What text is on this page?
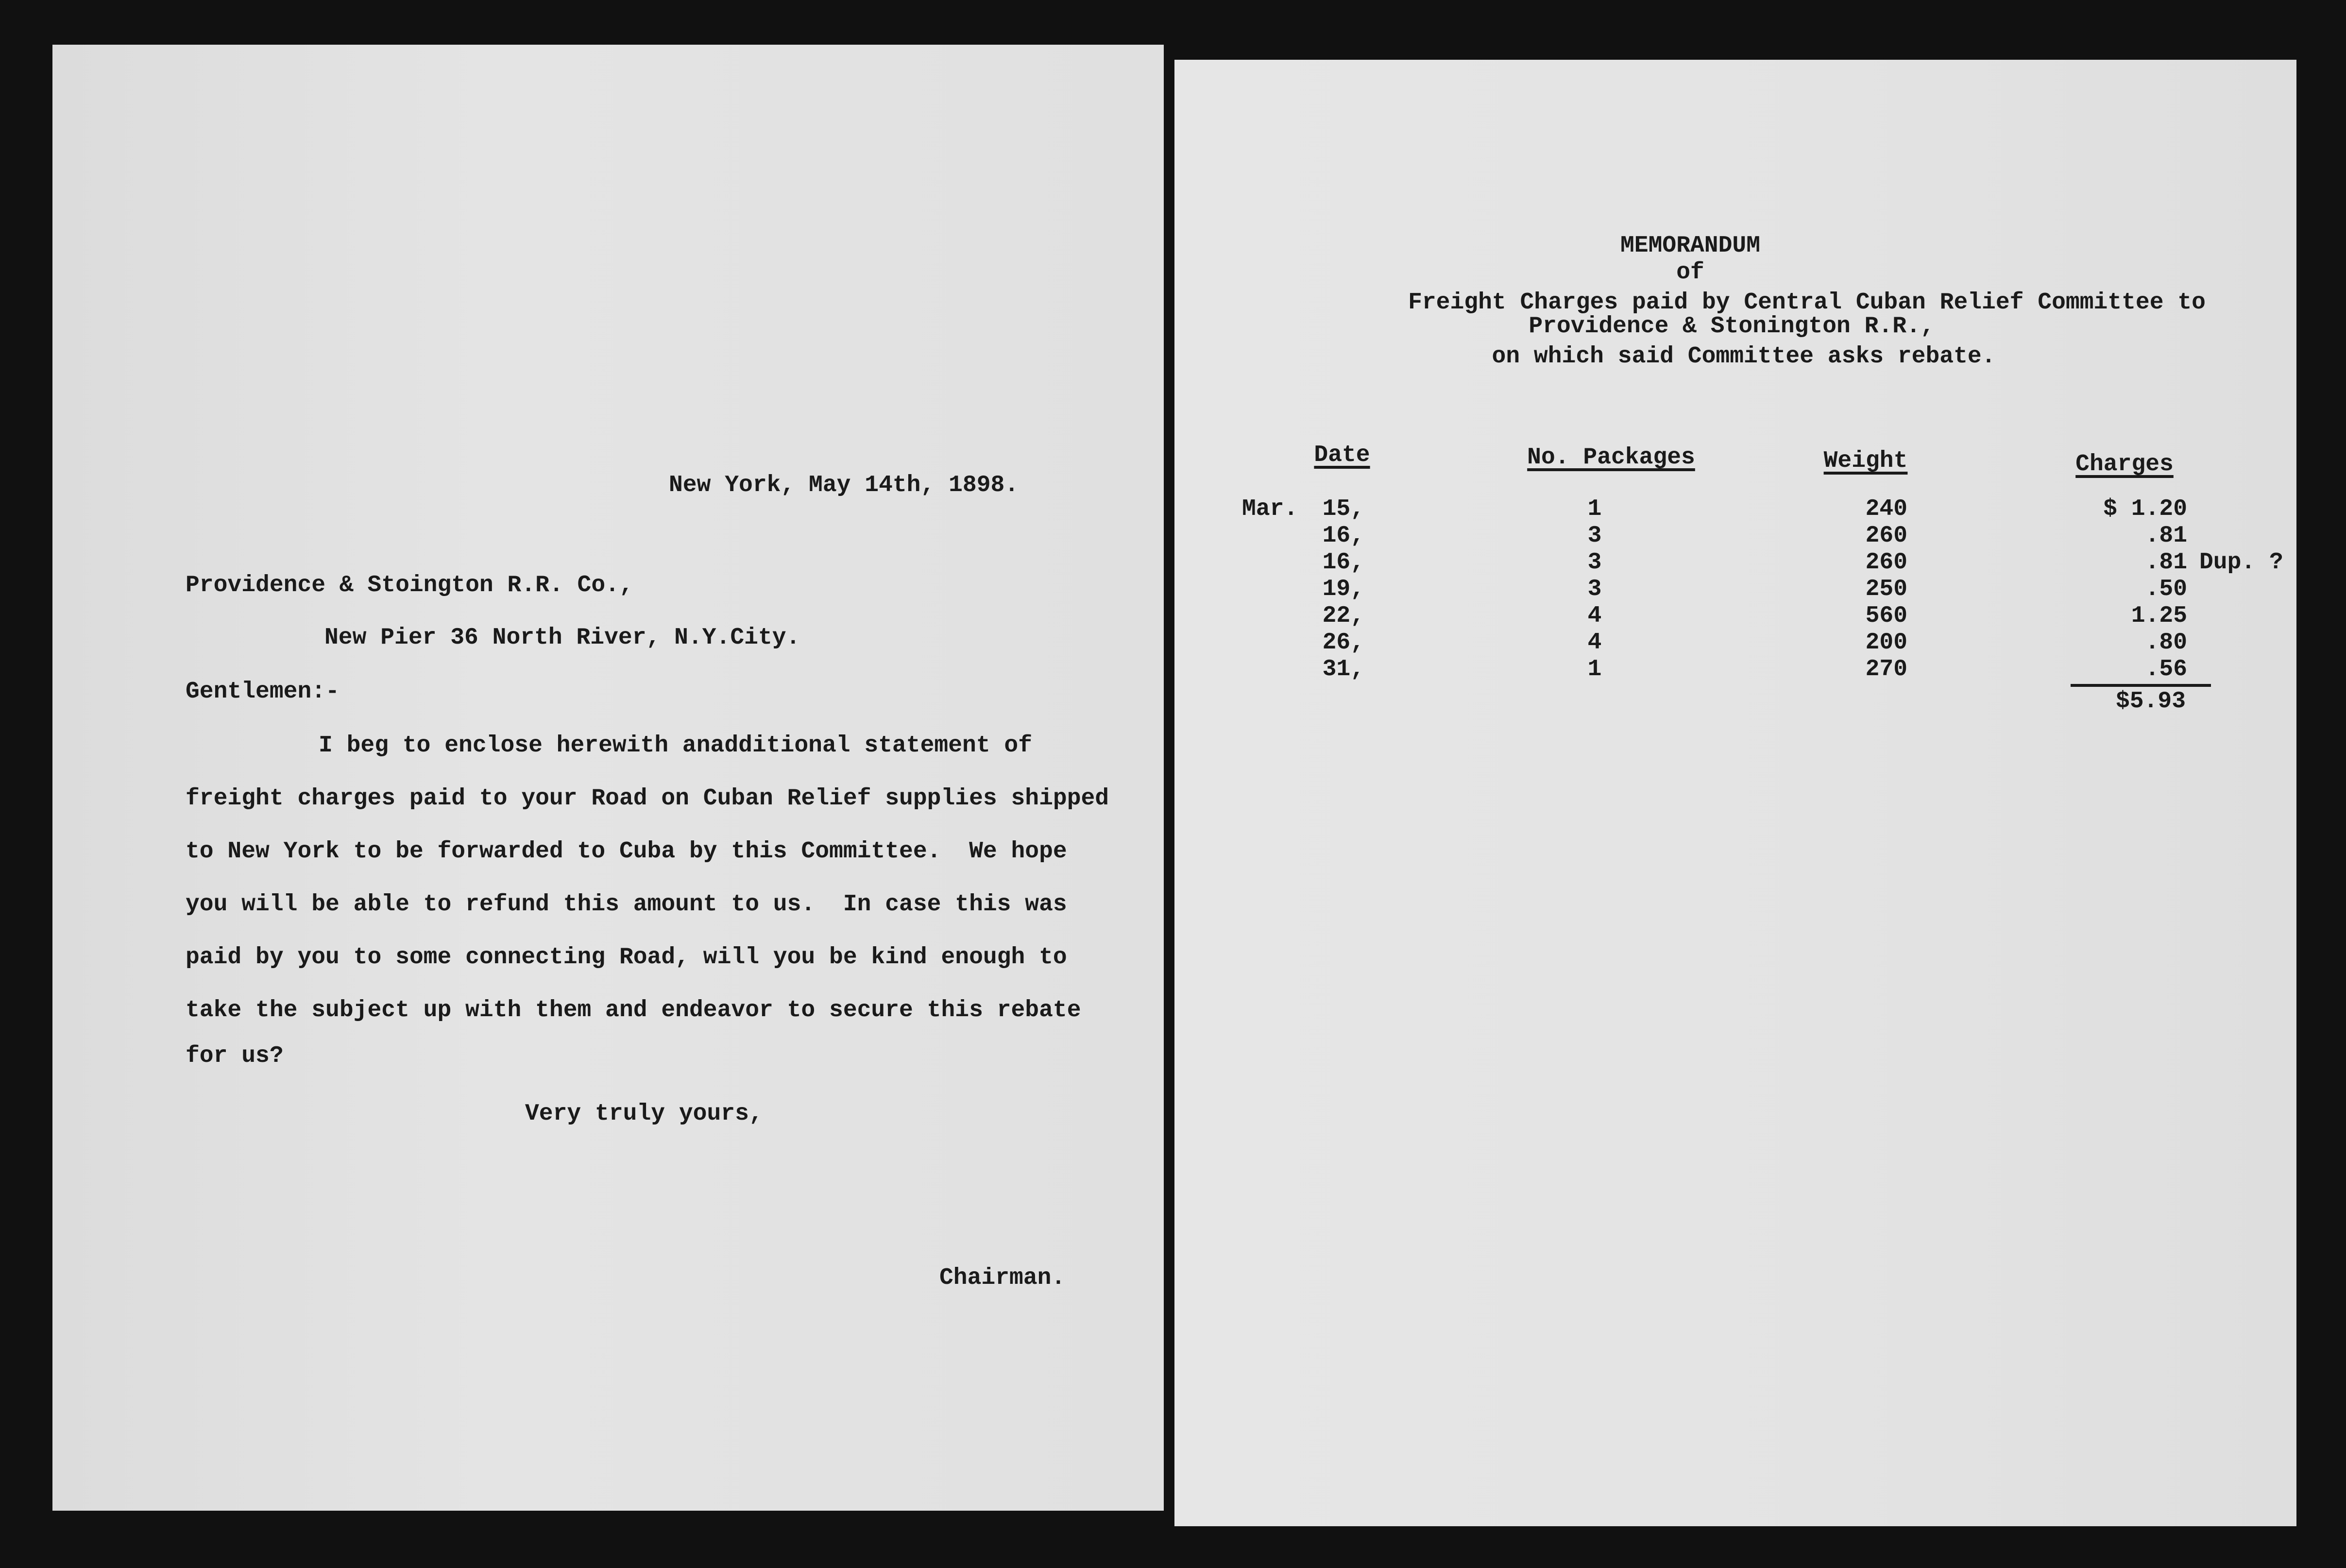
New York, May 14th, 1898.
Providence & Stoington R.R. Co.,
New Pier 36 North River, N.Y.City.
Gentlemen:-
I beg to enclose herewith anadditional statement of
freight charges paid to your Road on Cuban Relief supplies shipped
to New York to be forwarded to Cuba by this Committee.  We hope
you will be able to refund this amount to us.  In case this was
paid by you to some connecting Road, will you be kind enough to
take the subject up with them and endeavor to secure this rebate
for us?
Very truly yours,
Chairman.
MEMORANDUM
of
Freight Charges paid by Central Cuban Relief Committee to
Providence & Stonington R.R.,
on which said Committee asks rebate.
Date	No. Packages	Weight	Charges
Mar. 15,	1	240	$ 1.20
16,	3	260	.81
16,	3	260	.81 Dup. ?
19,	3	250	.50
22,	4	560	1.25
26,	4	200	.80
31,	1	270	.56
$5.93
